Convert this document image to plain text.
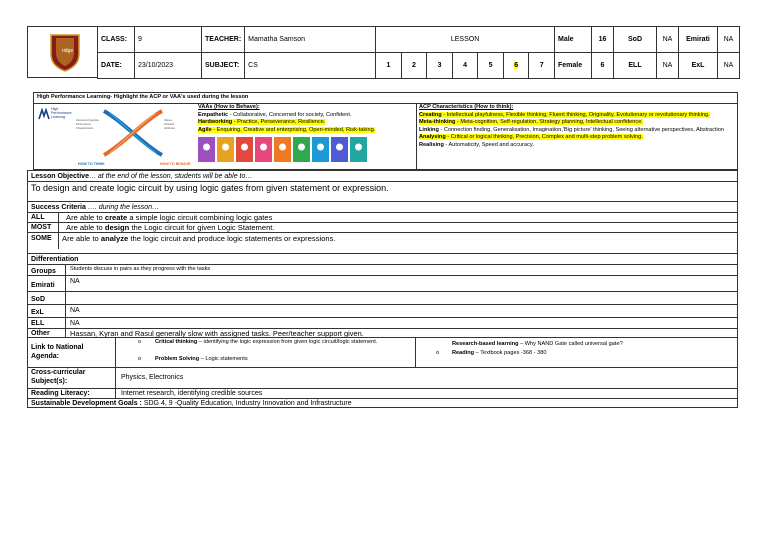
ridge
CLASS:	9	TEACHER:	Mamatha Samson	LESSON							Male	16	SoD	NA	Emirati	NA
DATE:	23/10/2023	SUBJECT:	CS	1	2	3	4	5	6	7	Female	6	ELL	NA	ExL	NA
High Performance Learning- Highlight the ACP or VAA's used during the lesson
High Performance Learning
Advanced Cognitive
Performance
Characteristics
Values
Attitudes
Attributes
HOW TO THINK	HOW TO BEHAVE
VAAs (How to Behave):
Empathetic - Collaborative, Concerned for society, Confident.
Hardworking - Practice, Perseverance, Resilience.
Agile - Enquiring, Creative and enterprising, Open-minded, Risk-taking.
ACP Characteristics (How to think):
Creating - Intellectual playfulness, Flexible thinking, Fluent thinking, Originality, Evolutionary or revolutionary thinking.
Meta-thinking - Meta-cognition, Self-regulation, Strategy planning, Intellectual confidence.
Linking - Connection finding, Generalisation, Imagination,'Big picture' thinking, Seeing alternative perspectives, Abstraction
Analysing - Critical or logical thinking, Precision, Complex and multi-step problem solving.
Realising - Automaticity, Speed and accuracy.
Lesson Objective… at the end of the lesson, students will be able to…
To design and create logic circuit by using logic gates from given statement or expression.
Success Criteria …. during the lesson…
ALL	Are able to create a simple logic circuit combining logic gates
MOST Are able to design the Logic circuit for given Logic Statement.
SOME Are able to analyze the logic circuit and produce logic statements or expressions.
Differentiation
Groups	Students discuss in pairs as they progress with the tasks
Emirati
NA
SoD
ExL	NA
ELL	NA
Other	Hassan, Kyran and Rasul generally slow with assigned tasks. Peer/teacher support given.
Link to National Agenda:
o Critical thinking – identifying the logic expression from given logic circuit/logic statement.
o Problem Solving – Logic statements
Research-based learning – Why NAND Gate called universal gate?
o Reading – Textbook pages -368 - 380
Cross-curricular Subject(s):
Physics, Electronics
Reading Literacy:	Internet research, identifying credible sources
Sustainable Development Goals : SDG 4, 9 -Quality Education, Industry Innovation and Infrastructure
